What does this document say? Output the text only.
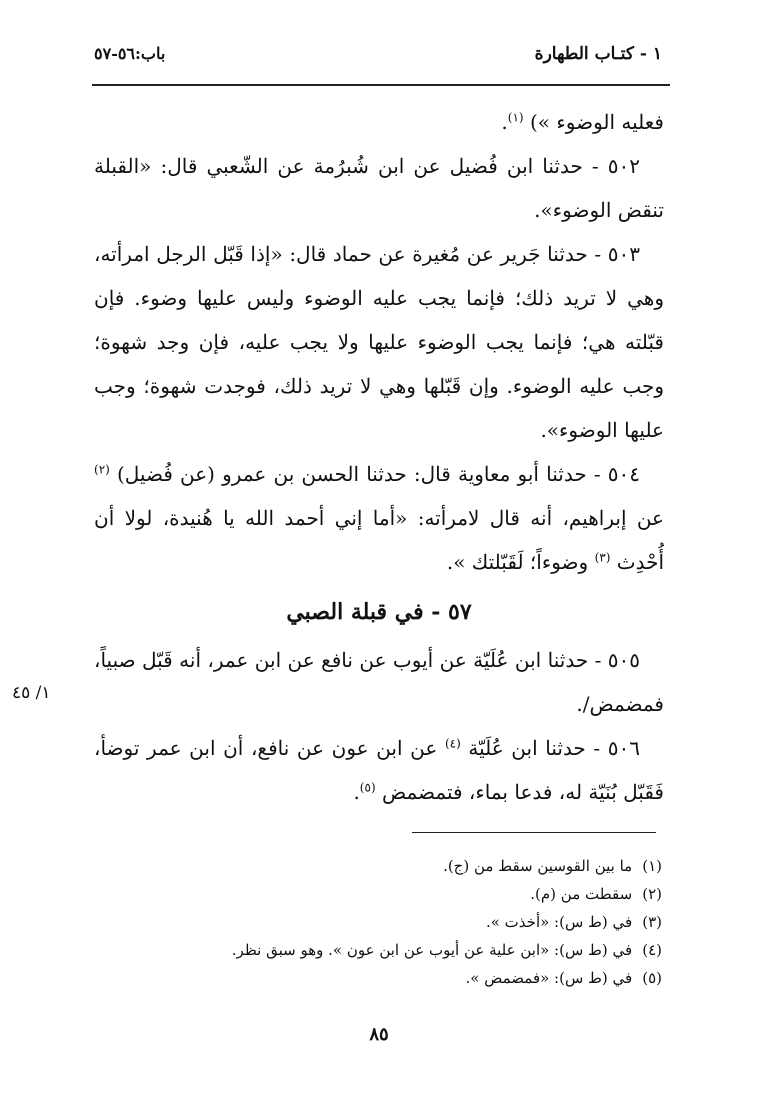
١ - كتـاب الطهارة
باب:٥٦-٥٧

فعليه الوضوء ») $^{(١)}$.

٥٠٢ - حدثنا ابن فُضيل عن ابن شُبرُمة عن الشّعبي قال: «القبلة تنقض الوضوء».

٥٠٣ - حدثنا جَرير عن مُغيرة عن حماد قال: «إذا قَبّل الرجل امرأته، وهي لا تريد ذلك؛ فإنما يجب عليه الوضوء وليس عليها وضوء. فإن قبّلته هي؛ فإنما يجب الوضوء عليها ولا يجب عليه، فإن وجد شهوة؛ وجب عليه الوضوء. وإن قَبّلها وهي لا تريد ذلك، فوجدت شهوة؛ وجب عليها الوضوء».

٥٠٤ - حدثنا أبو معاوية قال: حدثنا الحسن بن عمرو (عن فُضيل) $^{(٢)}$ عن إبراهيم، أنه قال لامرأته: «أما إني أحمد الله يا هُنيدة، لولا أن أُحْدِث $^{(٣)}$ وضوءاً؛ لَقَبّلتك ».

٥٧ - في قبلة الصبي

٥٠٥ - حدثنا ابن عُلَيّة عن أيوب عن نافع عن ابن عمر، أنه قَبّل صبياً، فمضمض/.

٥٠٦ - حدثنا ابن عُلَيّة $^{(٤)}$ عن ابن عون عن نافع، أن ابن عمر توضأ، فَقَبّل بُنَيّة له، فدعا بماء، فتمضمض $^{(٥)}$.

١/ ٤٥
(١)ما بين القوسين سقط من (ج).
(٢)سقطت من (م).
(٣)في (ط س): «أخذت ».
(٤)في (ط س): «ابن علية عن أيوب عن ابن عون ». وهو سبق نظر.
(٥)في (ط س): «فمضمض ».
٨٥
